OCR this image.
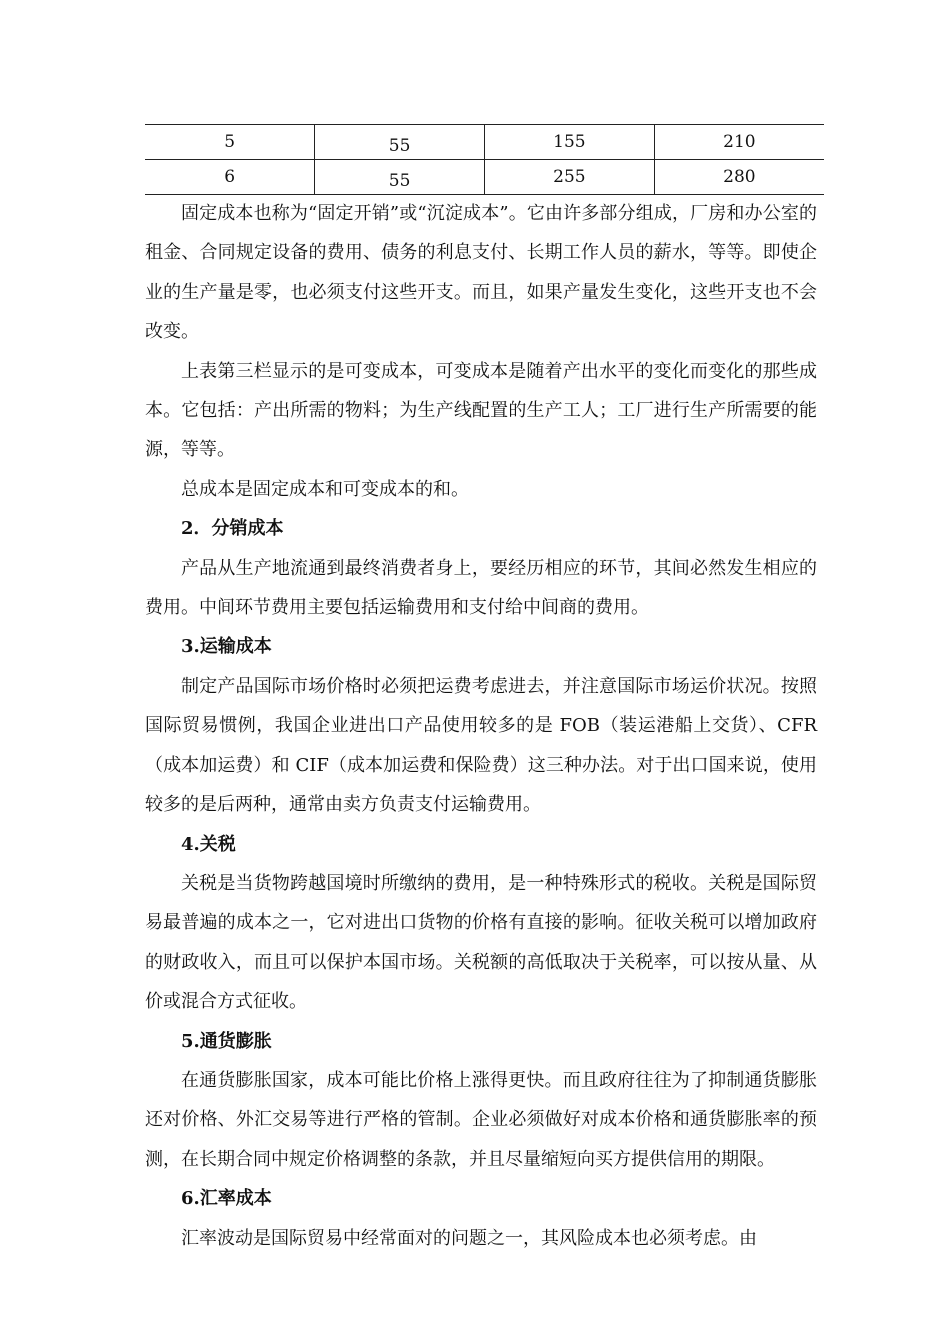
5	55	155	210
6	55	255	280

固定成本也称为“固定开销”或“沉淀成本”。它由许多部分组成，厂房和办公室的租金、合同规定设备的费用、债务的利息支付、长期工作人员的薪水，等等。即使企业的生产量是零，也必须支付这些开支。而且，如果产量发生变化，这些开支也不会改变。

上表第三栏显示的是可变成本，可变成本是随着产出水平的变化而变化的那些成本。它包括：产出所需的物料；为生产线配置的生产工人；工厂进行生产所需要的能源，等等。

总成本是固定成本和可变成本的和。

2．分销成本

产品从生产地流通到最终消费者身上，要经历相应的环节，其间必然发生相应的费用。中间环节费用主要包括运输费用和支付给中间商的费用。

3.运输成本

制定产品国际市场价格时必须把运费考虑进去，并注意国际市场运价状况。按照国际贸易惯例，我国企业进出口产品使用较多的是 FOB（装运港船上交货）、CFR（成本加运费）和 CIF（成本加运费和保险费）这三种办法。对于出口国来说，使用较多的是后两种，通常由卖方负责支付运输费用。

4.关税

关税是当货物跨越国境时所缴纳的费用，是一种特殊形式的税收。关税是国际贸易最普遍的成本之一，它对进出口货物的价格有直接的影响。征收关税可以增加政府的财政收入，而且可以保护本国市场。关税额的高低取决于关税率，可以按从量、从价或混合方式征收。

5.通货膨胀

在通货膨胀国家，成本可能比价格上涨得更快。而且政府往往为了抑制通货膨胀还对价格、外汇交易等进行严格的管制。企业必须做好对成本价格和通货膨胀率的预测，在长期合同中规定价格调整的条款，并且尽量缩短向买方提供信用的期限。

6.汇率成本

汇率波动是国际贸易中经常面对的问题之一，其风险成本也必须考虑。由
